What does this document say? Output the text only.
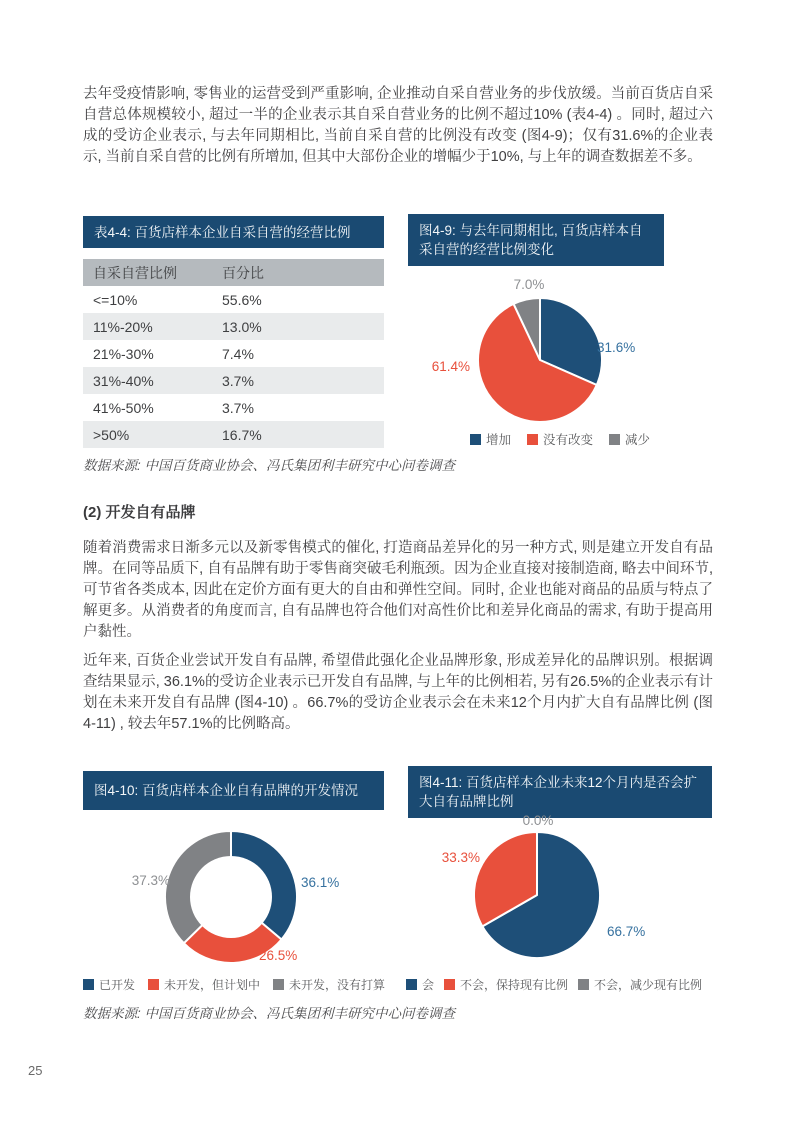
去年受疫情影响, 零售业的运营受到严重影响, 企业推动自采自营业务的步伐放缓。当前百货店自采自营总体规模较小, 超过一半的企业表示其自采自营业务的比例不超过10% (表4-4) 。同时, 超过六成的受访企业表示, 与去年同期相比, 当前自采自营的比例没有改变 (图4-9)；仅有31.6%的企业表示, 当前自采自营的比例有所增加, 但其中大部份企业的增幅少于10%, 与上年的调查数据差不多。

表4-4: 百货店样本企业自采自营的经营比例
自采自营比例	百分比
<=10%	55.6%
11%-20%	13.0%
21%-30%	7.4%
31%-40%	3.7%
41%-50%	3.7%
>50%	16.7%
图4-9: 与去年同期相比, 百货店样本自采自营的经营比例变化
31.6%
61.4%
7.0%
增加	没有改变	减少

数据来源: 中国百货商业协会、冯氏集团利丰研究中心问卷调查

(2) 开发自有品牌

随着消费需求日渐多元以及新零售模式的催化, 打造商品差异化的另一种方式, 则是建立开发自有品牌。在同等品质下, 自有品牌有助于零售商突破毛利瓶颈。因为企业直接对接制造商, 略去中间环节, 可节省各类成本, 因此在定价方面有更大的自由和弹性空间。同时, 企业也能对商品的品质与特点了解更多。从消费者的角度而言, 自有品牌也符合他们对高性价比和差异化商品的需求, 有助于提高用户黏性。

近年来, 百货企业尝试开发自有品牌, 希望借此强化企业品牌形象, 形成差异化的品牌识别。根据调查结果显示, 36.1%的受访企业表示已开发自有品牌, 与上年的比例相若, 另有26.5%的企业表示有计划在未来开发自有品牌 (图4-10) 。66.7%的受访企业表示会在未来12个月内扩大自有品牌比例 (图4-11) , 较去年57.1%的比例略高。

图4-10: 百货店样本企业自有品牌的开发情况
36.1%
26.5%
37.3%
已开发	未开发，但计划中	未开发，没有打算
图4-11: 百货店样本企业未来12个月内是否会扩大自有品牌比例
66.7%
33.3%
0.0%
会	不会，保持现有比例	不会，减少现有比例

数据来源: 中国百货商业协会、冯氏集团利丰研究中心问卷调查

25
